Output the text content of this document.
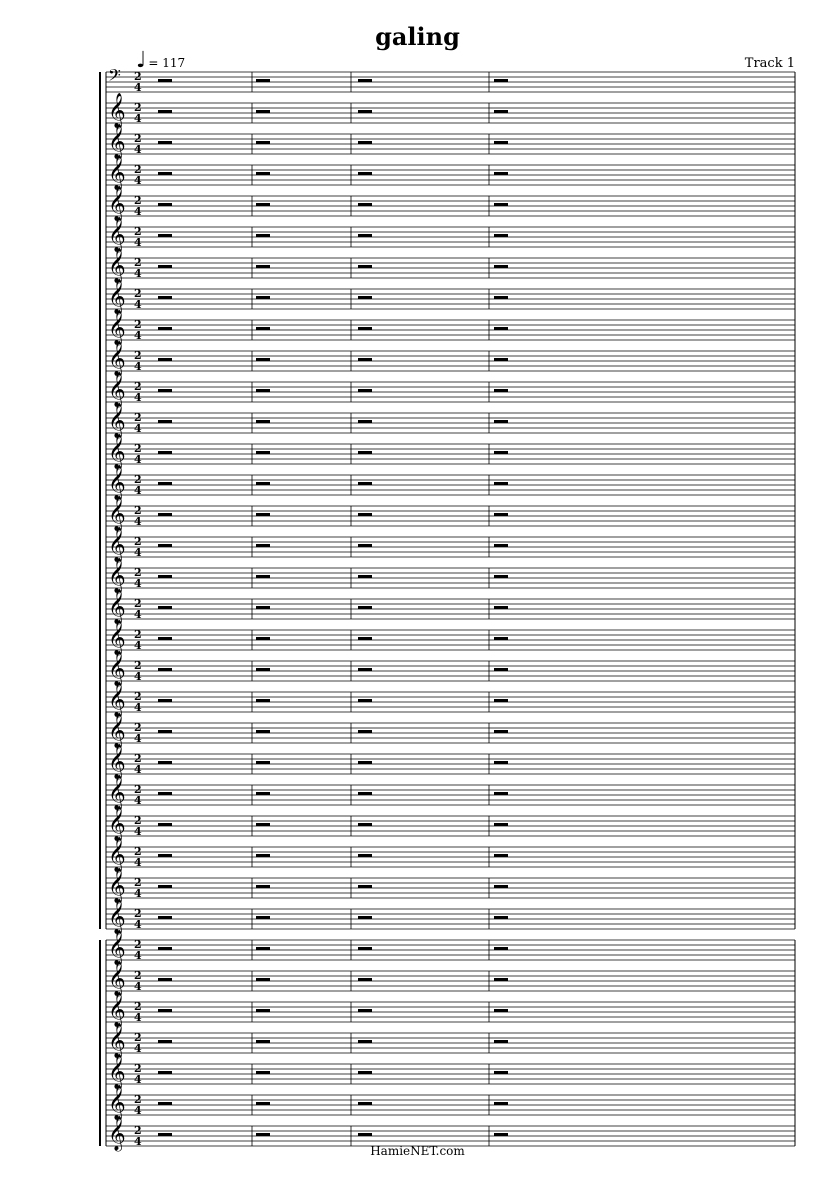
𝄢 2
4
𝄞 2
4
𝄞 2
4
𝄞 2
4
𝄞 2
4
𝄞 2
4
𝄞 2
4
𝄞 2
4
𝄞 2
4
𝄞 2
4
𝄞 2
4
𝄞 2
4
𝄞 2
4
𝄞 2
4
𝄞 2
4
𝄞 2
4
𝄞 2
4
𝄞 2
4
𝄞 2
4
𝄞 2
4
𝄞 2
4
𝄞 2
4
𝄞 2
4
𝄞 2
4
𝄞 2
4
𝄞 2
4
𝄞 2
4
𝄞 2
4
𝄞 2
4
𝄞 2
4
𝄞 2
4
𝄞 2
4
𝄞 2
4
𝄞 2
4
𝄞 2
4
galing
♩ = 117	Track 1
HamieNET.com
